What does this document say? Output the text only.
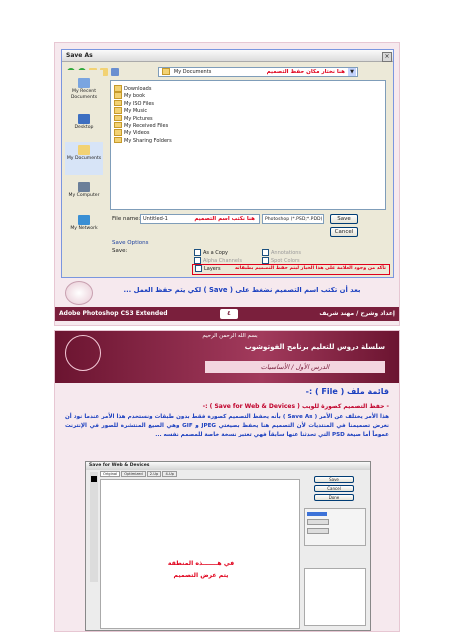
Save As	×
My Documents	هنا نختار مكان حفظ التصميم	▼
My Recent Documents
Desktop
My Documents
My Computer
My Network
Downloads
My book
My ISO Files
My Music
My Pictures
My Received Files
My Videos
My Sharing Folders
File name: Untitled-1	هنا نكتب اسم التصميم	Photoshop (*.PSD;*.PDD)	Save
Cancel
Save Options
Save:	As a Copy	Annotations
Alpha Channels	Spot Colors
Layers	تأكد من وجود العلامة على هذا الخيار ليتم حفظ التصميم بطبقاته
بعد أن تكتب اسم التصميم نضغط على ( Save ) لكي يتم حفظ العمل ...
Adobe Photoshop CS3 Extended	٤	إعداد وشرح / مهند شريف
بسم الله الرحمن الرحيم
سلسلة دروس للتعليم برنامج الفوتوشوب
الدرس الأول / الأساسيات
قائمة ملف ( File ) :-
- حفظ التصميم كصورة للويب ( Save for Web & Devices ) :-
هذا الأمر يختلف عن الأمر ( Save As ) بأنه يحفظ التصميم كصورة فقط بدون طبقات ونستخدم هذا الأمر عندما نود أن نعرض تصميمنا في المنتديات لأن التصميم هنا يحفظ بصيغتي JPEG و GIF وهي الصيغ المنتشرة للصور في الإنترنت عموماً أما صيغة PSD التي تحدثنا عنها سابقاً فهي تعتبر نسخة خاصة للمصمم نفسه ...
Save for Web & Devices
Original Optimized 2-Up 4-Up
في هـــــــذه المنطقة
يتم عرض التصميم
Save
Cancel
Done
